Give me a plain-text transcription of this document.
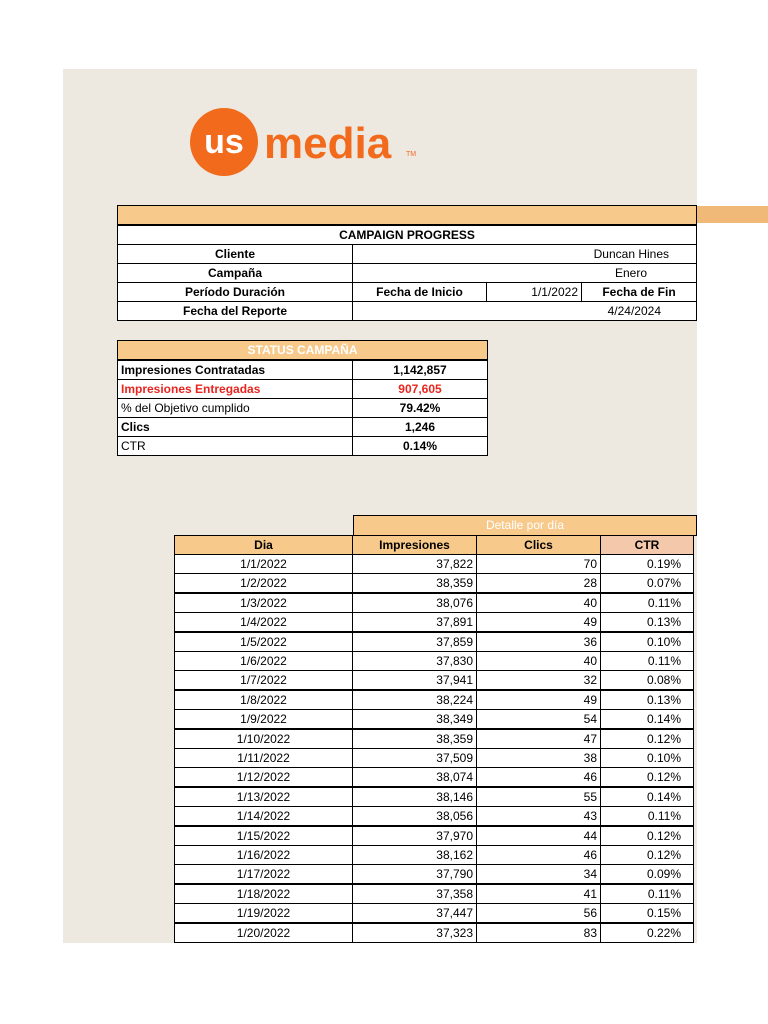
us media TM
CAMPAIGN PROGRESS
Cliente	Duncan Hines
Campaña	Enero
Período Duración	Fecha de Inicio	1/1/2022	Fecha de Fin
Fecha del Reporte	4/24/2024
STATUS CAMPAÑA
Impresiones Contratadas	1,142,857
Impresiones Entregadas	907,605
% del Objetivo cumplido	79.42%
Clics	1,246
CTR	0.14%
Detalle por día
Dia	Impresiones	Clics	CTR
1/1/2022	37,822	70	0.19%
1/2/2022	38,359	28	0.07%
1/3/2022	38,076	40	0.11%
1/4/2022	37,891	49	0.13%
1/5/2022	37,859	36	0.10%
1/6/2022	37,830	40	0.11%
1/7/2022	37,941	32	0.08%
1/8/2022	38,224	49	0.13%
1/9/2022	38,349	54	0.14%
1/10/2022	38,359	47	0.12%
1/11/2022	37,509	38	0.10%
1/12/2022	38,074	46	0.12%
1/13/2022	38,146	55	0.14%
1/14/2022	38,056	43	0.11%
1/15/2022	37,970	44	0.12%
1/16/2022	38,162	46	0.12%
1/17/2022	37,790	34	0.09%
1/18/2022	37,358	41	0.11%
1/19/2022	37,447	56	0.15%
1/20/2022	37,323	83	0.22%
